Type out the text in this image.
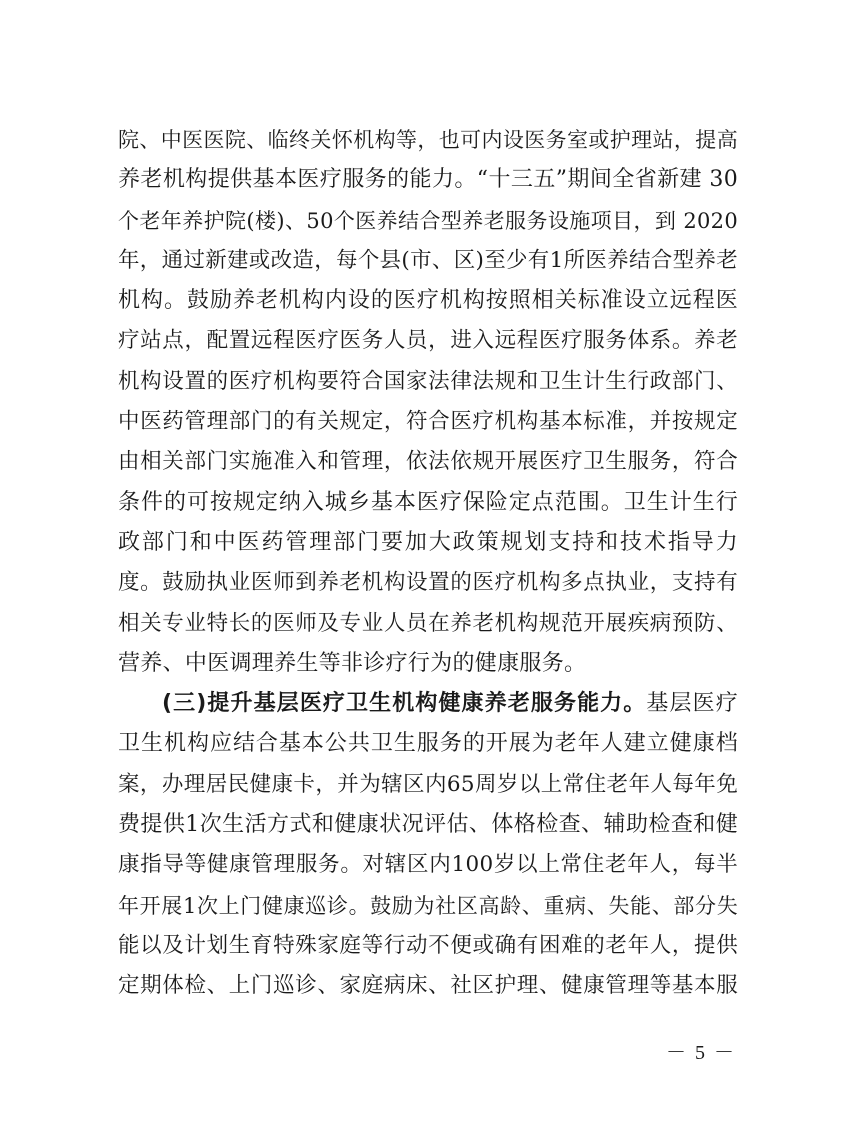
院、中医医院、临终关怀机构等，也可内设医务室或护理站，提高
养老机构提供基本医疗服务的能力。“十三五”期间全省新建 30
个老年养护院(楼)、50个医养结合型养老服务设施项目，到 2020
年，通过新建或改造，每个县(市、区)至少有1所医养结合型养老
机构。鼓励养老机构内设的医疗机构按照相关标准设立远程医
疗站点，配置远程医疗医务人员，进入远程医疗服务体系。养老
机构设置的医疗机构要符合国家法律法规和卫生计生行政部门、
中医药管理部门的有关规定，符合医疗机构基本标准，并按规定
由相关部门实施准入和管理，依法依规开展医疗卫生服务，符合
条件的可按规定纳入城乡基本医疗保险定点范围。卫生计生行
政部门和中医药管理部门要加大政策规划支持和技术指导力
度。鼓励执业医师到养老机构设置的医疗机构多点执业，支持有
相关专业特长的医师及专业人员在养老机构规范开展疾病预防、
营养、中医调理养生等非诊疗行为的健康服务。
(三)提升基层医疗卫生机构健康养老服务能力。基层医疗
卫生机构应结合基本公共卫生服务的开展为老年人建立健康档
案，办理居民健康卡，并为辖区内65周岁以上常住老年人每年免
费提供1次生活方式和健康状况评估、体格检查、辅助检查和健
康指导等健康管理服务。对辖区内100岁以上常住老年人，每半
年开展1次上门健康巡诊。鼓励为社区高龄、重病、失能、部分失
能以及计划生育特殊家庭等行动不便或确有困难的老年人，提供
定期体检、上门巡诊、家庭病床、社区护理、健康管理等基本服
－ 5 －
